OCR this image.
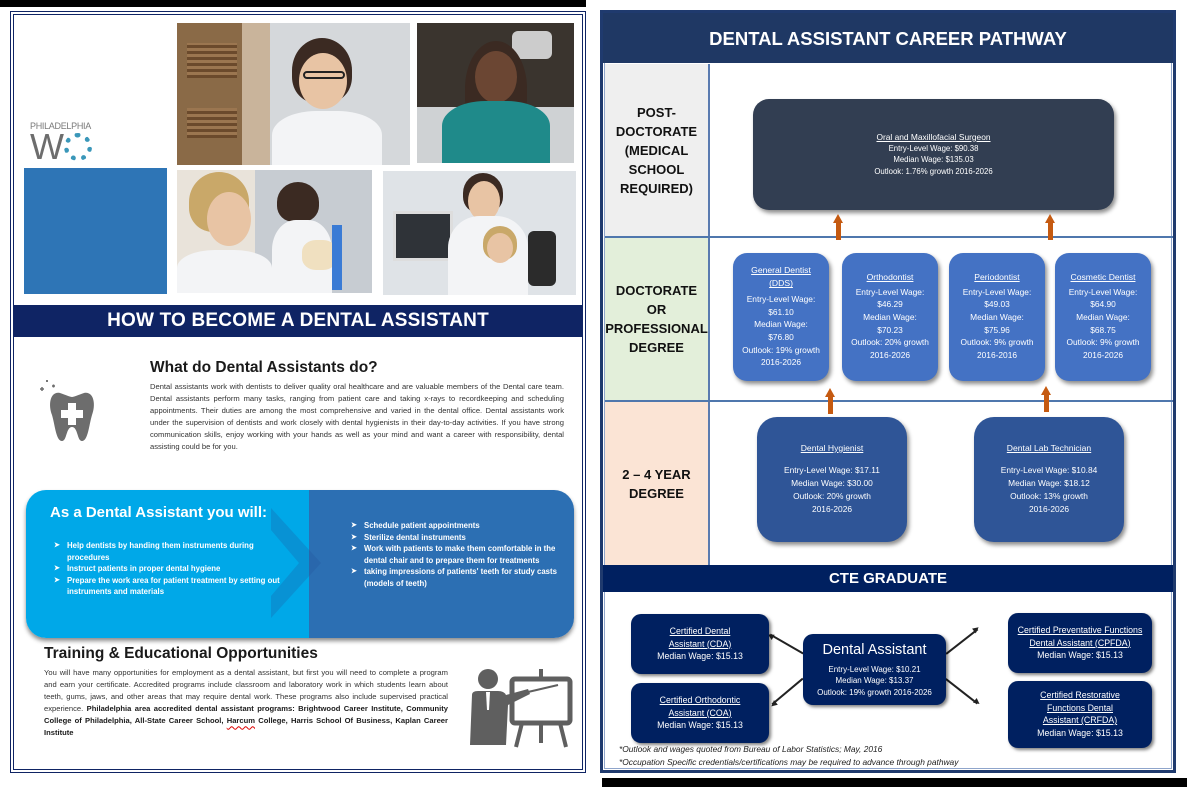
PHILADELPHIA
W
HOW TO BECOME A DENTAL ASSISTANT
What do Dental Assistants do?

Dental assistants work with dentists to deliver quality oral healthcare and are valuable members of the Dental care team. Dental assistants perform many tasks, ranging from patient care and taking x-rays to recordkeeping and scheduling appointments. Their duties are among the most comprehensive and varied in the dental office. Dental assistants work under the supervision of dentists and work closely with dental hygienists in their day-to-day activities. If you have strong communication skills, enjoy working with your hands as well as your mind and want a career with responsibility, dental assisting could be for you.

As a Dental Assistant you will:
➤ Help dentists by handing them instruments during procedures
➤ Instruct patients in proper dental hygiene
➤ Prepare the work area for patient treatment by setting out instruments and materials
➤ Schedule patient appointments
➤ Sterilize dental instruments
➤ Work with patients to make them comfortable in the dental chair and to prepare them for treatments
➤ taking impressions of patients' teeth for study casts (models of teeth)
Training & Educational Opportunities

You will have many opportunities for employment as a dental assistant, but first you will need to complete a program and earn your certificate. Accredited programs include classroom and laboratory work in which students learn about teeth, gums, jaws, and other areas that may require dental work. These programs also include supervised practical experience. Philadelphia area accredited dental assistant programs: Brightwood Career Institute, Community College of Philadelphia, All-State Career School, Harcum College, Harris School Of Business, Kaplan Career Institute

DENTAL ASSISTANT CAREER PATHWAY
POST-
DOCTORATE
(MEDICAL
SCHOOL
REQUIRED)
DOCTORATE
OR
PROFESSIONAL
DEGREE
2 – 4 YEAR
DEGREE
Oral and Maxillofacial Surgeon
Entry-Level Wage: $90.38
Median Wage: $135.03
Outlook: 1.76% growth 2016-2026
General Dentist
(DDS)
Entry-Level Wage:
$61.10
Median Wage:
$76.80
Outlook: 19% growth
2016-2026
Orthodontist
Entry-Level Wage:
$46.29
Median Wage:
$70.23
Outlook: 20% growth
2016-2026
Periodontist
Entry-Level Wage:
$49.03
Median Wage:
$75.96
Outlook: 9% growth
2016-2016
Cosmetic Dentist
Entry-Level Wage:
$64.90
Median Wage:
$68.75
Outlook: 9% growth
2016-2026
Dental Hygienist
Entry-Level Wage: $17.11
Median Wage: $30.00
Outlook: 20% growth
2016-2026
Dental Lab Technician
Entry-Level Wage: $10.84
Median Wage: $18.12
Outlook: 13% growth
2016-2026
CTE GRADUATE
Dental Assistant
Entry-Level Wage: $10.21
Median Wage: $13.37
Outlook: 19% growth 2016-2026
Certified Dental
Assistant (CDA)
Median Wage: $15.13
Certified Orthodontic
Assistant (COA)
Median Wage: $15.13
Certified Preventative Functions
Dental Assistant (CPFDA)
Median Wage: $15.13
Certified Restorative
Functions Dental
Assistant (CRFDA)
Median Wage: $15.13
*Outlook and wages quoted from Bureau of Labor Statistics; May, 2016
*Occupation Specific credentials/certifications may be required to advance through pathway
